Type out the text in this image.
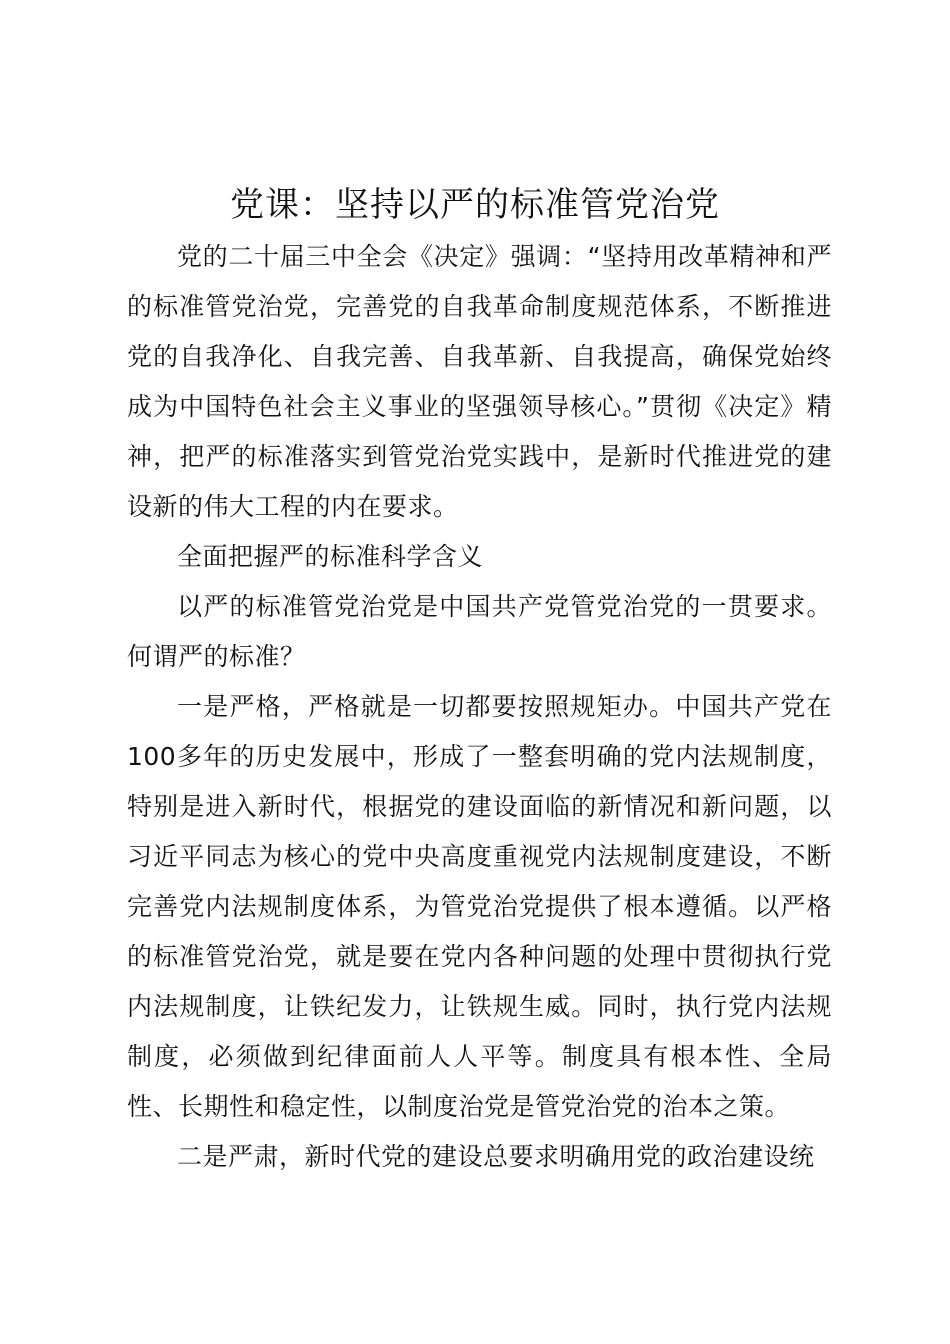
党课：坚持以严的标准管党治党

党的二十届三中全会《决定》强调：“坚持用改革精神和严的标准管党治党，完善党的自我革命制度规范体系，不断推进党的自我净化、自我完善、自我革新、自我提高，确保党始终成为中国特色社会主义事业的坚强领导核心。”贯彻《决定》精神，把严的标准落实到管党治党实践中，是新时代推进党的建设新的伟大工程的内在要求。

全面把握严的标准科学含义

以严的标准管党治党是中国共产党管党治党的一贯要求。何谓严的标准？

一是严格，严格就是一切都要按照规矩办。中国共产党在100多年的历史发展中，形成了一整套明确的党内法规制度，特别是进入新时代，根据党的建设面临的新情况和新问题，以习近平同志为核心的党中央高度重视党内法规制度建设，不断完善党内法规制度体系，为管党治党提供了根本遵循。以严格的标准管党治党，就是要在党内各种问题的处理中贯彻执行党内法规制度，让铁纪发力，让铁规生威。同时，执行党内法规制度，必须做到纪律面前人人平等。制度具有根本性、全局性、长期性和稳定性，以制度治党是管党治党的治本之策。

二是严肃，新时代党的建设总要求明确用党的政治建设统
